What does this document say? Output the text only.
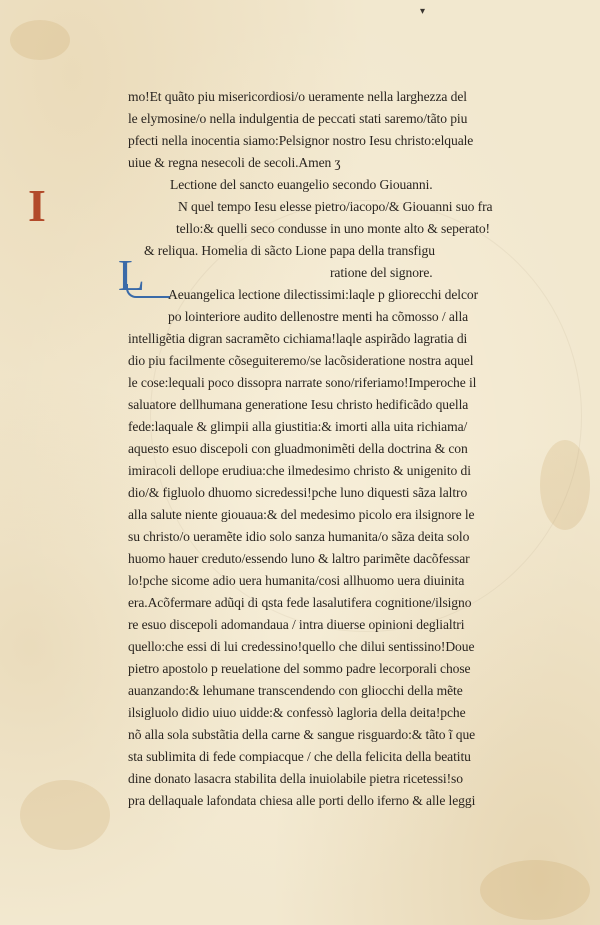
▾
I
L
mo!Et quãto piu misericordiosi/o ueramente nella larghezza del
le elymosine/o nella indulgentia de peccati stati saremo/tãto piu
pfecti nella inocentia siamo:Pelsignor nostro Iesu christo:elquale
uiue & regna nesecoli de secoli.Amen ʒ
Lectione del sancto euangelio secondo Giouanni.
N quel tempo Iesu elesse pietro/iacopo/& Giouanni suo fra
tello:& quelli seco condusse in uno monte alto & seperato!
& reliqua. Homelia di sãcto Lione papa della transfigu
ratione del signore.
Aeuangelica lectione dilectissimi:laqle p gliorecchi delcor
po lointeriore audito dellenostre menti ha cõmosso / alla
intelligẽtia digran sacramẽto cichiama!laqle aspirãdo lagratia di
dio piu facilmente cõseguiteremo/se lacõsideratione nostra aquel
le cose:lequali poco dissopra narrate sono/riferiamo!Imperoche il
saluatore dellhumana generatione Iesu christo hedificãdo quella
fede:laquale & glimpii alla giustitia:& imorti alla uita richiama/
aquesto esuo discepoli con gluadmonimẽti della doctrina & con
imiracoli dellope erudiua:che ilmedesimo christo & unigenito di
dio/& figluolo dhuomo sicredessi!pche luno diquesti sãza laltro
alla salute niente giouaua:& del medesimo picolo era ilsignore le
su christo/o ueramẽte idio solo sanza humanita/o sãza deita solo
huomo hauer creduto/essendo luno & laltro parimẽte dacõfessar
lo!pche sicome adio uera humanita/cosi allhuomo uera diuinita
era.Acõfermare adũqi di qsta fede lasalutifera cognitione/ilsigno
re esuo discepoli adomandaua / intra diuerse opinioni deglialtri
quello:che essi di lui credessino!quello che dilui sentissino!Doue
pietro apostolo p reuelatione del sommo padre lecorporali chose
auanzando:& lehumane transcendendo con gliocchi della mẽte
ilsigluolo didio uiuo uidde:& confessò lagloria della deita!pche
nõ alla sola substãtia della carne & sangue risguardo:& tãto ĩ que
sta sublimita di fede compiacque / che della felicita della beatitu
dine donato lasacra stabilita della inuiolabile pietra ricetessi!so
pra dellaquale lafondata chiesa alle porti dello iferno & alle leggi
